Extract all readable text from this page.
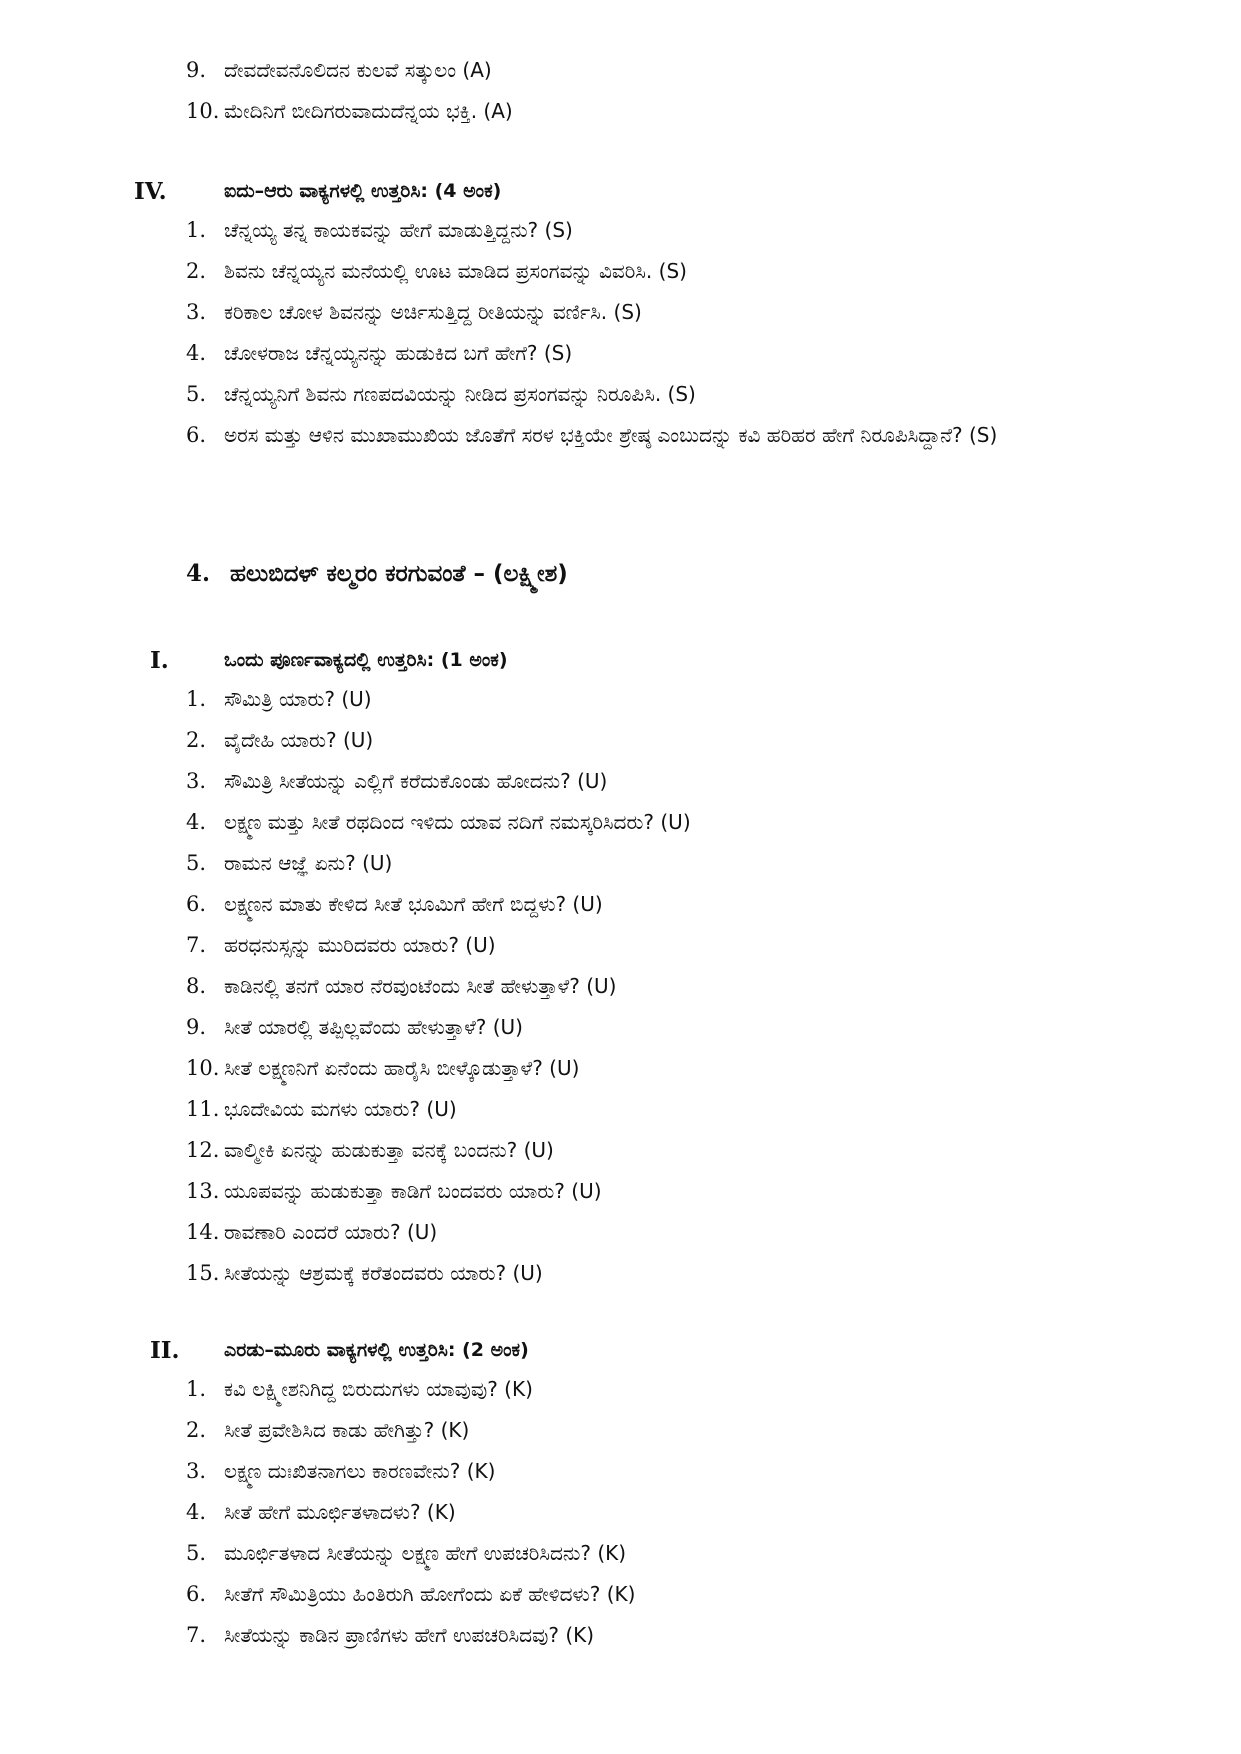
9. ದೇವದೇವನೊಲಿದನ ಕುಲವೆ ಸತ್ಕುಲಂ (A)
10. ಮೇದಿನಿಗೆ ಬೀದಿಗರುವಾದುದೆನ್ನಯ ಭಕ್ತಿ. (A)
IV.	ಐದು–ಆರು ವಾಕ್ಯಗಳಲ್ಲಿ ಉತ್ತರಿಸಿ: (4 ಅಂಕ)
1. ಚೆನ್ನಯ್ಯ ತನ್ನ ಕಾಯಕವನ್ನು ಹೇಗೆ ಮಾಡುತ್ತಿದ್ದನು? (S)
2. ಶಿವನು ಚೆನ್ನಯ್ಯನ ಮನೆಯಲ್ಲಿ ಊಟ ಮಾಡಿದ ಪ್ರಸಂಗವನ್ನು ವಿವರಿಸಿ. (S)
3. ಕರಿಕಾಲ ಚೋಳ ಶಿವನನ್ನು ಅರ್ಚಿಸುತ್ತಿದ್ದ ರೀತಿಯನ್ನು ವರ್ಣಿಸಿ. (S)
4. ಚೋಳರಾಜ ಚೆನ್ನಯ್ಯನನ್ನು ಹುಡುಕಿದ ಬಗೆ ಹೇಗೆ? (S)
5. ಚೆನ್ನಯ್ಯನಿಗೆ ಶಿವನು ಗಣಪದವಿಯನ್ನು ನೀಡಿದ ಪ್ರಸಂಗವನ್ನು ನಿರೂಪಿಸಿ. (S)
6. ಅರಸ ಮತ್ತು ಆಳಿನ ಮುಖಾಮುಖಿಯ ಜೊತೆಗೆ ಸರಳ ಭಕ್ತಿಯೇ ಶ್ರೇಷ್ಠ ಎಂಬುದನ್ನು ಕವಿ ಹರಿಹರ ಹೇಗೆ ನಿರೂಪಿಸಿದ್ದಾನೆ? (S)
4. ಹಲುಬಿದಳ್ ಕಲ್ಮರಂ ಕರಗುವಂತೆ – (ಲಕ್ಷ್ಮೀಶ)
I.	ಒಂದು ಪೂರ್ಣವಾಕ್ಯದಲ್ಲಿ ಉತ್ತರಿಸಿ: (1 ಅಂಕ)
1. ಸೌಮಿತ್ರಿ ಯಾರು? (U)
2. ವೈದೇಹಿ ಯಾರು? (U)
3. ಸೌಮಿತ್ರಿ ಸೀತೆಯನ್ನು ಎಲ್ಲಿಗೆ ಕರೆದುಕೊಂಡು ಹೋದನು? (U)
4. ಲಕ್ಷ್ಮಣ ಮತ್ತು ಸೀತೆ ರಥದಿಂದ ಇಳಿದು ಯಾವ ನದಿಗೆ ನಮಸ್ಕರಿಸಿದರು? (U)
5. ರಾಮನ ಆಜ್ಞೆ ಏನು? (U)
6. ಲಕ್ಷ್ಮಣನ ಮಾತು ಕೇಳಿದ ಸೀತೆ ಭೂಮಿಗೆ ಹೇಗೆ ಬಿದ್ದಳು? (U)
7. ಹರಧನುಸ್ಸನ್ನು ಮುರಿದವರು ಯಾರು? (U)
8. ಕಾಡಿನಲ್ಲಿ ತನಗೆ ಯಾರ ನೆರವುಂಟೆಂದು ಸೀತೆ ಹೇಳುತ್ತಾಳೆ? (U)
9. ಸೀತೆ ಯಾರಲ್ಲಿ ತಪ್ಪಿಲ್ಲವೆಂದು ಹೇಳುತ್ತಾಳೆ? (U)
10. ಸೀತೆ ಲಕ್ಷ್ಮಣನಿಗೆ ಏನೆಂದು ಹಾರೈಸಿ ಬೀಳ್ಕೊಡುತ್ತಾಳೆ? (U)
11. ಭೂದೇವಿಯ ಮಗಳು ಯಾರು? (U)
12. ವಾಲ್ಮೀಕಿ ಏನನ್ನು ಹುಡುಕುತ್ತಾ ವನಕ್ಕೆ ಬಂದನು? (U)
13. ಯೂಪವನ್ನು ಹುಡುಕುತ್ತಾ ಕಾಡಿಗೆ ಬಂದವರು ಯಾರು? (U)
14. ರಾವಣಾರಿ ಎಂದರೆ ಯಾರು? (U)
15. ಸೀತೆಯನ್ನು ಆಶ್ರಮಕ್ಕೆ ಕರೆತಂದವರು ಯಾರು? (U)
II. ಎರಡು–ಮೂರು ವಾಕ್ಯಗಳಲ್ಲಿ ಉತ್ತರಿಸಿ: (2 ಅಂಕ)
1. ಕವಿ ಲಕ್ಷ್ಮೀಶನಿಗಿದ್ದ ಬಿರುದುಗಳು ಯಾವುವು? (K)
2. ಸೀತೆ ಪ್ರವೇಶಿಸಿದ ಕಾಡು ಹೇಗಿತ್ತು? (K)
3. ಲಕ್ಷ್ಮಣ ದುಃಖಿತನಾಗಲು ಕಾರಣವೇನು? (K)
4. ಸೀತೆ ಹೇಗೆ ಮೂರ್ಛಿತಳಾದಳು? (K)
5. ಮೂರ್ಛಿತಳಾದ ಸೀತೆಯನ್ನು ಲಕ್ಷ್ಮಣ ಹೇಗೆ ಉಪಚರಿಸಿದನು? (K)
6. ಸೀತೆಗೆ ಸೌಮಿತ್ರಿಯು ಹಿಂತಿರುಗಿ ಹೋಗೆಂದು ಏಕೆ ಹೇಳಿದಳು? (K)
7. ಸೀತೆಯನ್ನು ಕಾಡಿನ ಪ್ರಾಣಿಗಳು ಹೇಗೆ ಉಪಚರಿಸಿದವು? (K)
